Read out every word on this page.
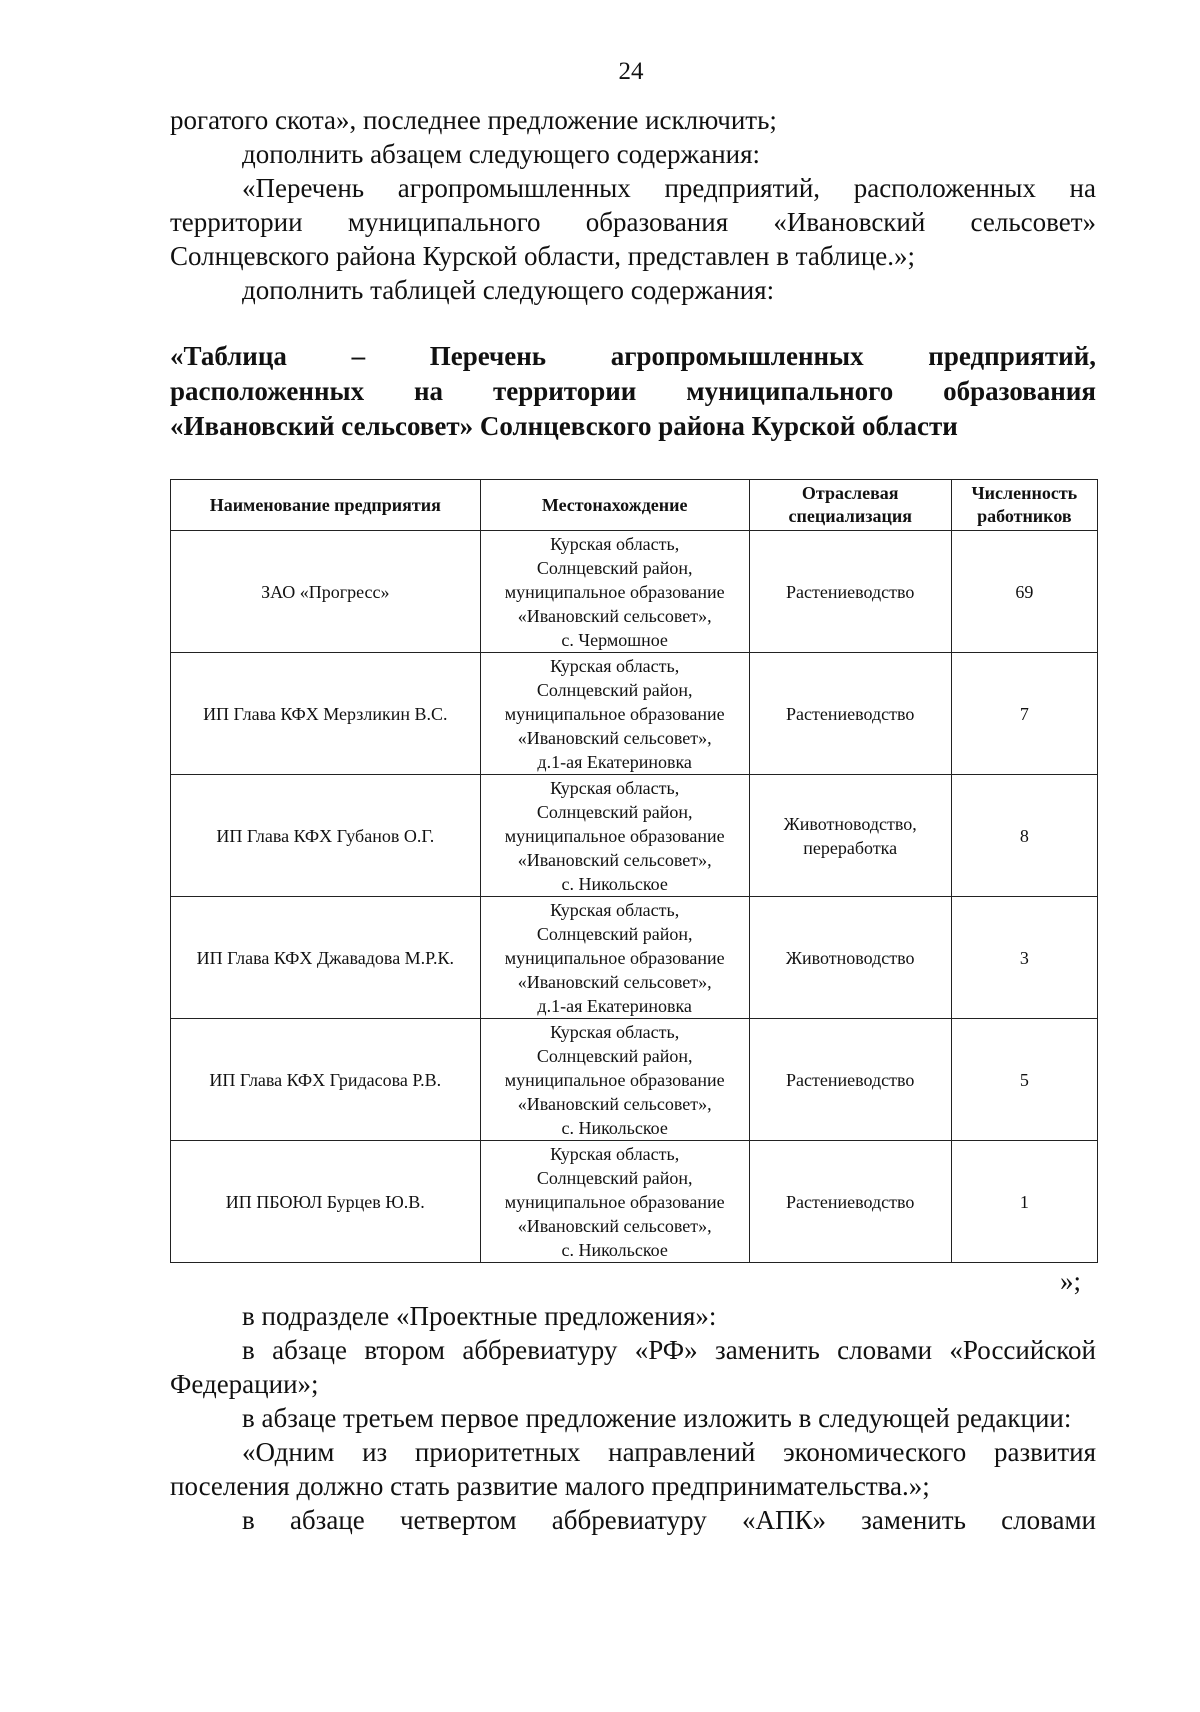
24

рогатого скота», последнее предложение исключить;

дополнить абзацем следующего содержания:

«Перечень агропромышленных предприятий, расположенных на территории муниципального образования «Ивановский сельсовет» Солнцевского района Курской области, представлен в таблице.»;

дополнить таблицей следующего содержания:

«Таблица – Перечень агропромышленных предприятий,
расположенных на территории муниципального образования
«Ивановский сельсовет» Солнцевского района Курской области
Наименование предприятия	Местонахождение	Отраслевая специализация	Численность работников
ЗАО «Прогресс»	Курская область,
Солнцевский район,
муниципальное образование
«Ивановский сельсовет»,
с. Чермошное	Растениеводство	69
ИП Глава КФХ Мерзликин В.С.	Курская область,
Солнцевский район,
муниципальное образование
«Ивановский сельсовет»,
д.1-ая Екатериновка	Растениеводство	7
ИП Глава КФХ Губанов О.Г.	Курская область,
Солнцевский район,
муниципальное образование
«Ивановский сельсовет»,
с. Никольское	Животноводство, переработка	8
ИП Глава КФХ Джавадова М.Р.К.	Курская область,
Солнцевский район,
муниципальное образование
«Ивановский сельсовет»,
д.1-ая Екатериновка	Животноводство	3
ИП Глава КФХ Гридасова Р.В.	Курская область,
Солнцевский район,
муниципальное образование
«Ивановский сельсовет»,
с. Никольское	Растениеводство	5
ИП ПБОЮЛ Бурцев Ю.В.	Курская область,
Солнцевский район,
муниципальное образование
«Ивановский сельсовет»,
с. Никольское	Растениеводство	1
»;

в подразделе «Проектные предложения»:

в абзаце втором аббревиатуру «РФ» заменить словами «Российской Федерации»;

в абзаце третьем первое предложение изложить в следующей редакции:

«Одним из приоритетных направлений экономического развития поселения должно стать развитие малого предпринимательства.»;

в абзаце четвертом аббревиатуру «АПК» заменить словами
